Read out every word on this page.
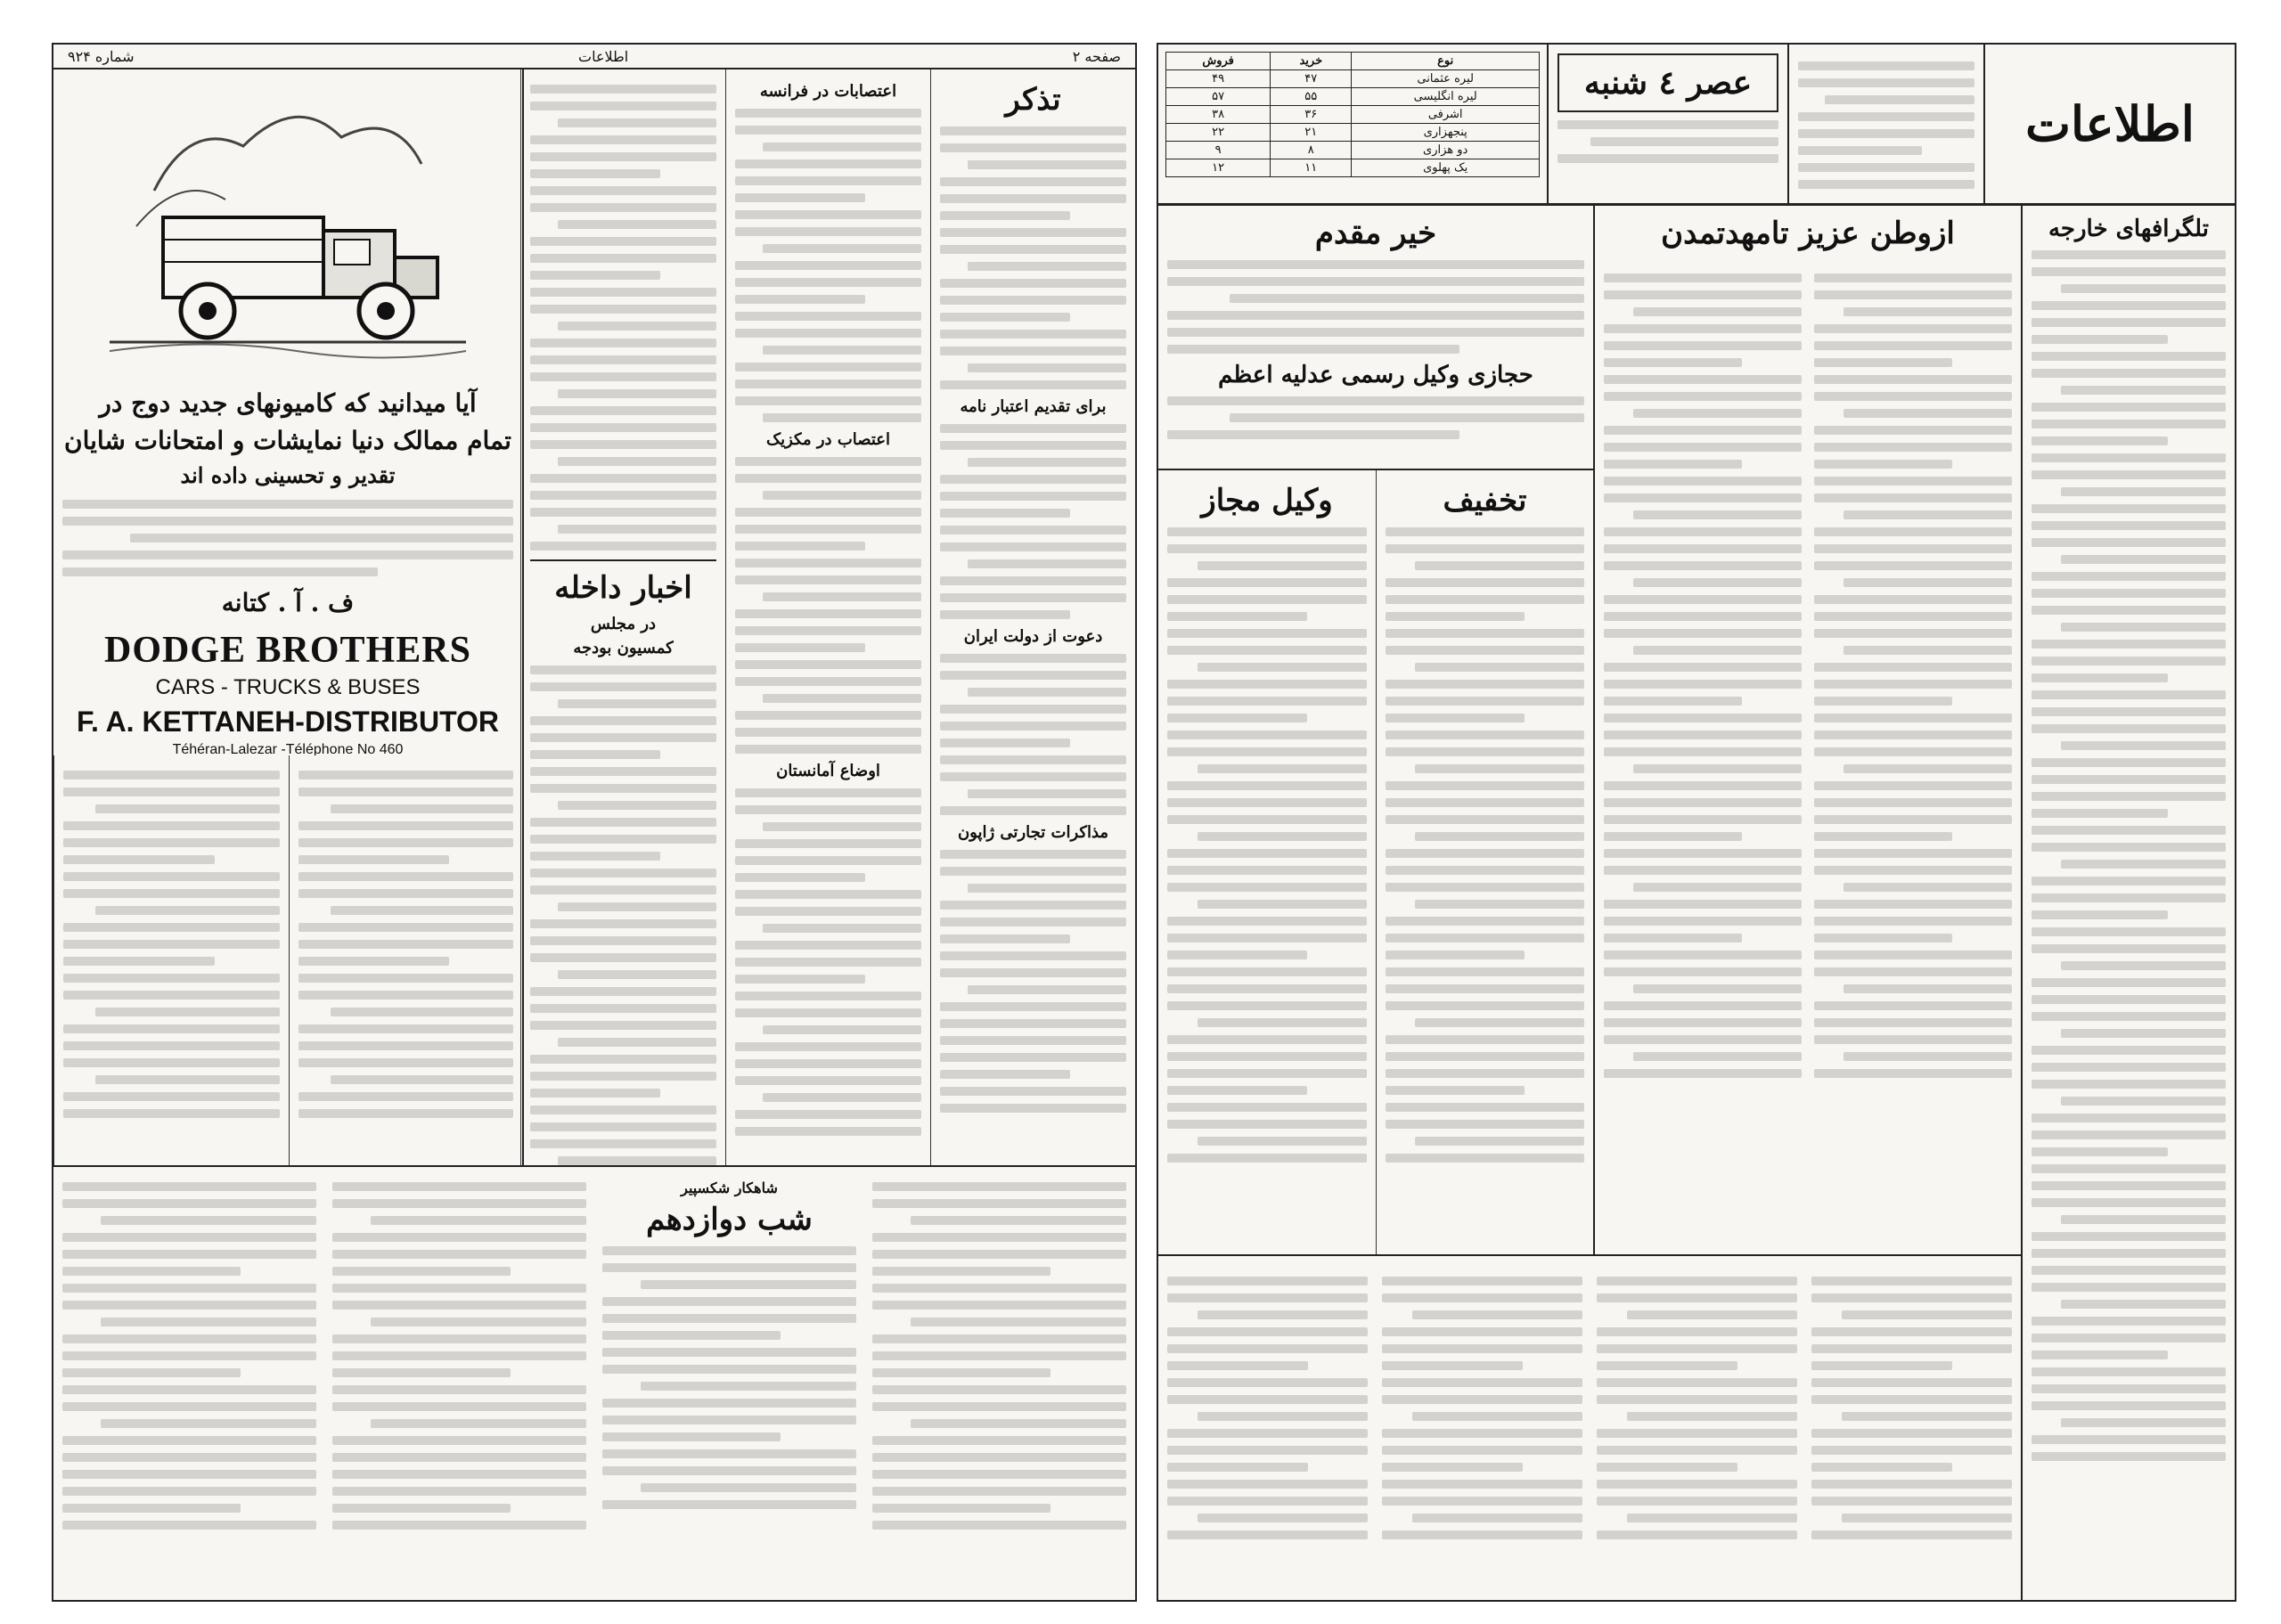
صفحه ۲
اطلاعات
شماره ۹۲۴
تذکر
برای تقدیم اعتبار نامه
دعوت از دولت ایران
مذاکرات تجارتی ژاپون
اعتصابات در فرانسه
اعتصاب در مکزیک
اوضاع آمانستان
اخبار داخله
در مجلس
کمسیون بودجه
آیا میدانید که کامیونهای جدید دوج در
تمام ممالک دنیا نمایشات و امتحانات شایان
تقدیر و تحسینی داده اند
ف . آ . کتانه
DODGE BROTHERS
CARS - TRUCKS & BUSES
F. A. KETTANEH-DISTRIBUTOR
Téhéran-Lalezar -Téléphone No 460
شاهکار شکسپیر
شب دوازدهم
اطلاعات
عصر ٤ شنبه
نوع	خرید	فروش
لیره عثمانی	۴۷	۴۹
لیره انگلیسی	۵۵	۵۷
اشرفی	۳۶	۳۸
پنجهزاری	۲۱	۲۲
دو هزاری	۸	۹
یک پهلوی	۱۱	۱۲
تلگرافهای خارجه
ازوطن عزیز تامهدتمدن
خیر مقدم
حجازی وکیل رسمی عدلیه اعظم
تخفیف
وکیل مجاز
